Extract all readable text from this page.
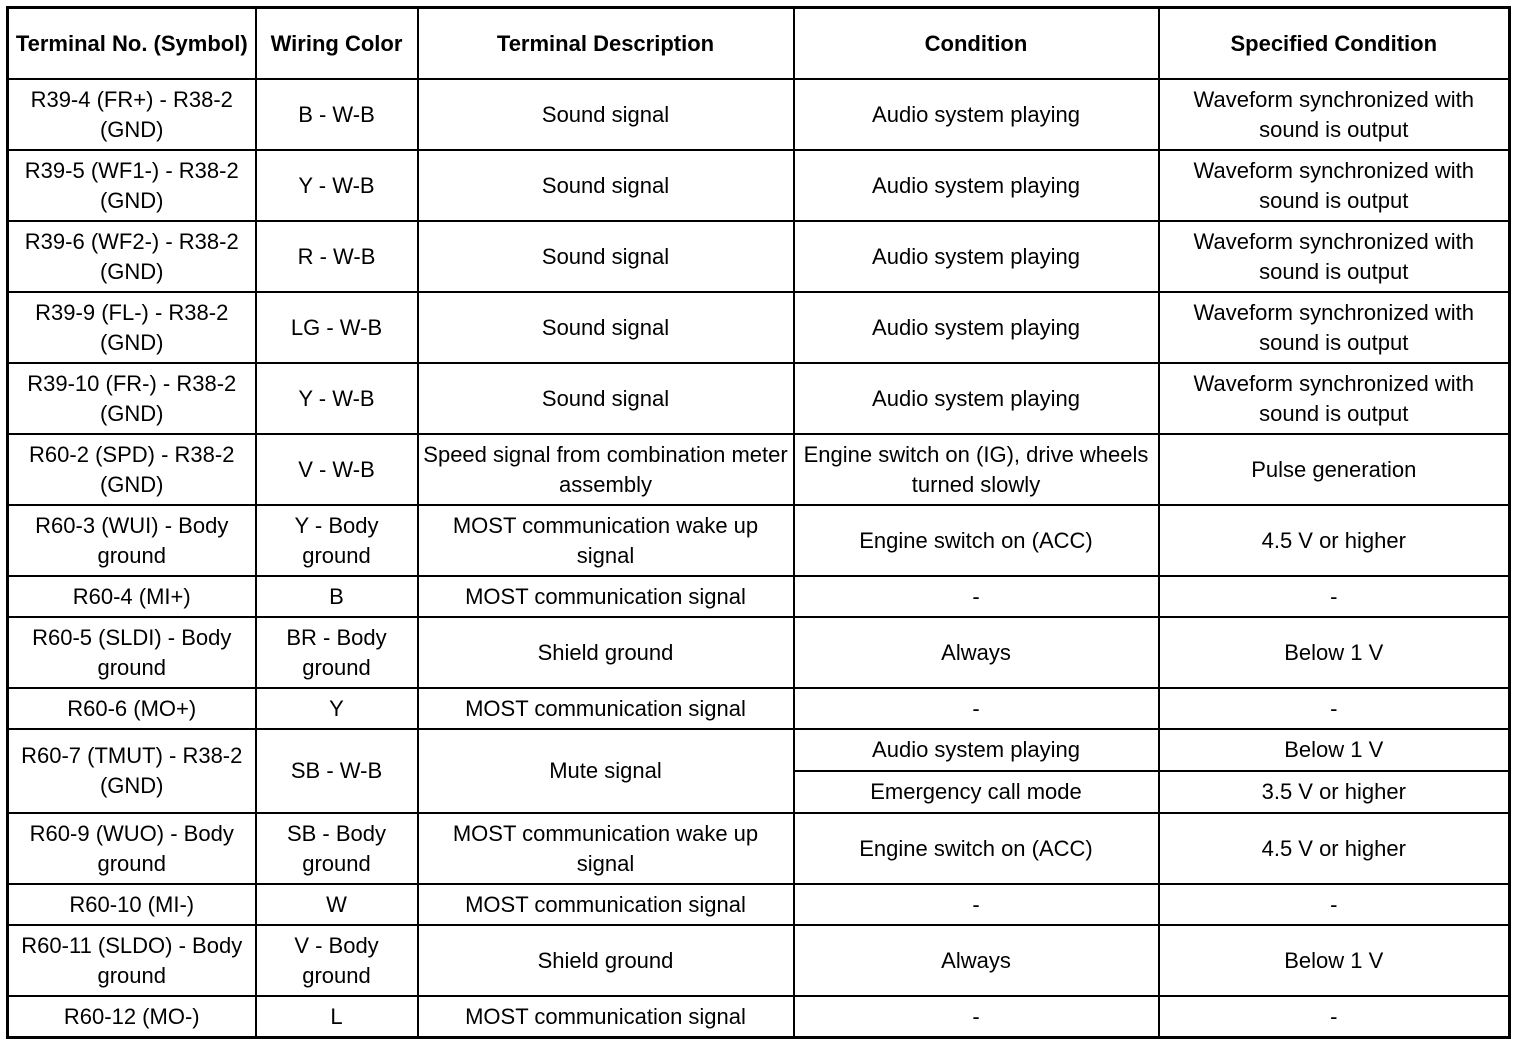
Terminal No. (Symbol)	Wiring Color	Terminal Description	Condition	Specified Condition
R39-4 (FR+) - R38-2 (GND)	B - W-B	Sound signal	Audio system playing	Waveform synchronized with sound is output
R39-5 (WF1-) - R38-2 (GND)	Y - W-B	Sound signal	Audio system playing	Waveform synchronized with sound is output
R39-6 (WF2-) - R38-2 (GND)	R - W-B	Sound signal	Audio system playing	Waveform synchronized with sound is output
R39-9 (FL-) - R38-2 (GND)	LG - W-B	Sound signal	Audio system playing	Waveform synchronized with sound is output
R39-10 (FR-) - R38-2 (GND)	Y - W-B	Sound signal	Audio system playing	Waveform synchronized with sound is output
R60-2 (SPD) - R38-2 (GND)	V - W-B	Speed signal from combination meter assembly	Engine switch on (IG), drive wheels turned slowly	Pulse generation
R60-3 (WUI) - Body ground	Y - Body ground	MOST communication wake up signal	Engine switch on (ACC)	4.5 V or higher
R60-4 (MI+)	B	MOST communication signal	-	-
R60-5 (SLDI) - Body ground	BR - Body ground	Shield ground	Always	Below 1 V
R60-6 (MO+)	Y	MOST communication signal	-	-
R60-7 (TMUT) - R38-2 (GND)	SB - W-B	Mute signal	Audio system playing	Below 1 V
			Emergency call mode	3.5 V or higher
R60-9 (WUO) - Body ground	SB - Body ground	MOST communication wake up signal	Engine switch on (ACC)	4.5 V or higher
R60-10 (MI-)	W	MOST communication signal	-	-
R60-11 (SLDO) - Body ground	V - Body ground	Shield ground	Always	Below 1 V
R60-12 (MO-)	L	MOST communication signal	-	-
